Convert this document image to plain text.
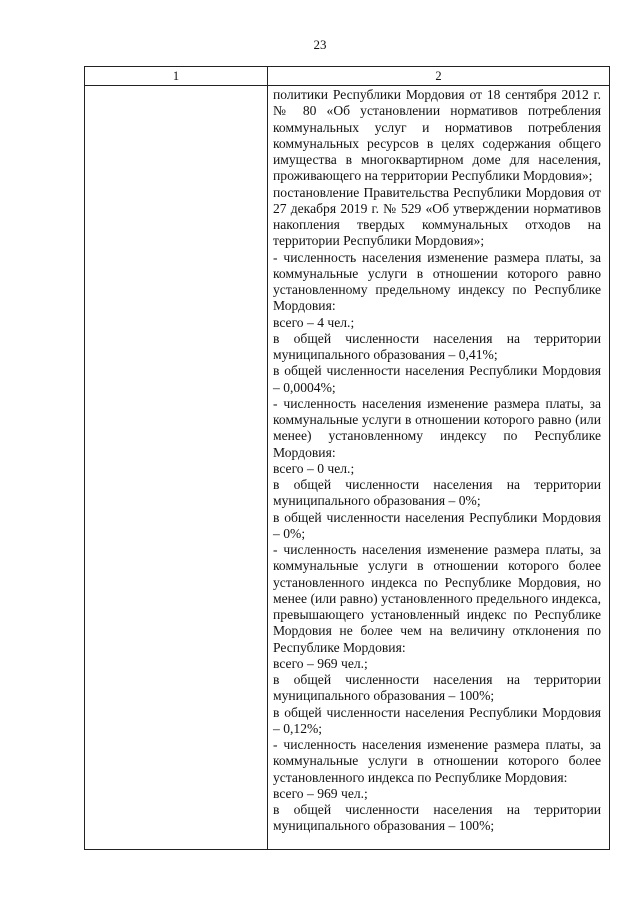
23
1	2

политики Республики Мордовия от 18 сентября 2012 г. № 80 «Об установлении нормативов потребления коммунальных услуг и нормативов потребления коммунальных ресурсов в целях содержания общего имущества в многоквартирном доме для населения, проживающего на территории Республики Мордовия»;

постановление Правительства Республики Мордовия от 27 декабря 2019 г. № 529 «Об утверждении нормативов накопления твердых коммунальных отходов на территории Республики Мордовия»;

- численность населения изменение размера платы, за коммунальные услуги в отношении которого равно установленному предельному индексу по Республике Мордовия:

всего – 4 чел.;

в общей численности населения на территории муниципального образования – 0,41%;

в общей численности населения Республики Мордовия – 0,0004%;

- численность населения изменение размера платы, за коммунальные услуги в отношении которого равно (или менее) установленному индексу по Республике Мордовия:

всего – 0 чел.;

в общей численности населения на территории муниципального образования – 0%;

в общей численности населения Республики Мордовия – 0%;

- численность населения изменение размера платы, за коммунальные услуги в отношении которого более установленного индекса по Республике Мордовия, но менее (или равно) установленного предельного индекса, превышающего установленный индекс по Республике Мордовия не более чем на величину отклонения по Республике Мордовия:

всего – 969 чел.;

в общей численности населения на территории муниципального образования – 100%;

в общей численности населения Республики Мордовия – 0,12%;

- численность населения изменение размера платы, за коммунальные услуги в отношении которого более установленного индекса по Республике Мордовия:

всего – 969 чел.;

в общей численности населения на территории муниципального образования – 100%;
